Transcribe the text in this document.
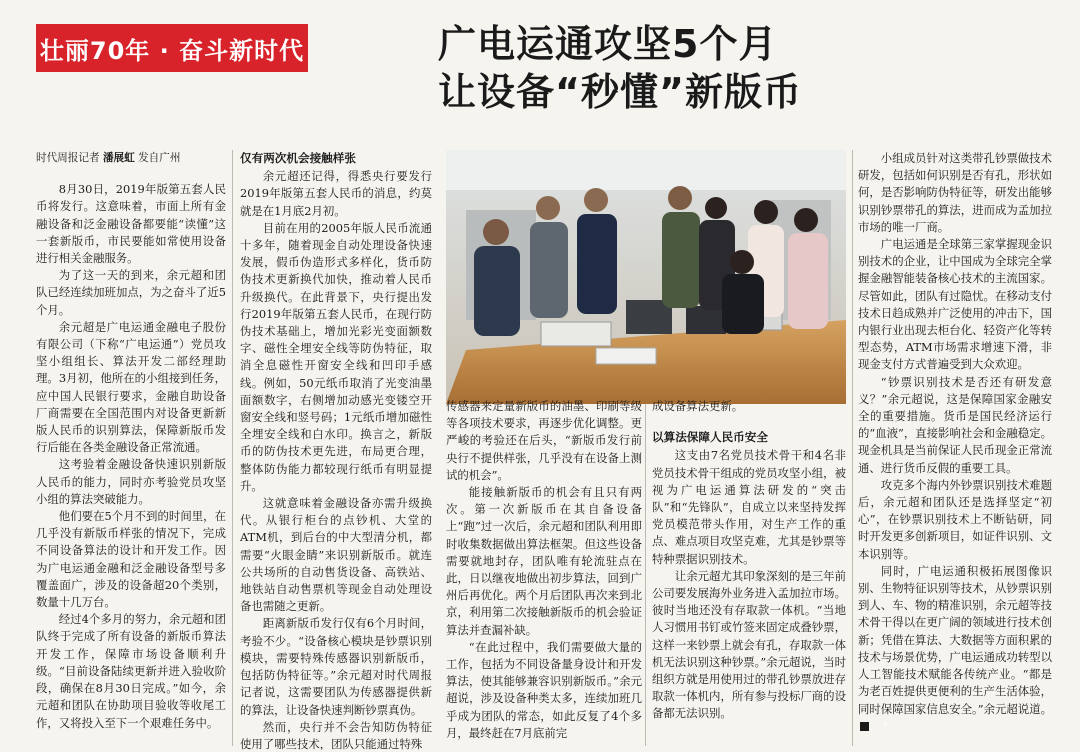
壮丽70年 · 奋斗新时代	广电运通攻坚5个月
让设备“秒懂”新版币
时代周报记者 潘展虹 发自广州

8月30日，2019年版第五套人民币将发行。这意味着，市面上所有金融设备和泛金融设备都要能“读懂”这一套新版币，市民要能如常使用设备进行相关金融服务。

为了这一天的到来，余元超和团队已经连续加班加点，为之奋斗了近5个月。

余元超是广电运通金融电子股份有限公司（下称“广电运通”）党员攻坚小组组长、算法开发二部经理助理。3月初，他所在的小组接到任务，应中国人民银行要求，金融自助设备厂商需要在全国范围内对设备更新新版人民币的识别算法，保障新版币发行后能在各类金融设备正常流通。

这考验着金融设备快速识别新版人民币的能力，同时亦考验党员攻坚小组的算法突破能力。

他们要在5个月不到的时间里，在几乎没有新版币样张的情况下，完成不同设备算法的设计和开发工作。因为广电运通金融和泛金融设备型号多覆盖面广，涉及的设备超20个类别，数量十几万台。

经过4个多月的努力，余元超和团队终于完成了所有设备的新版币算法开发工作，保障市场设备顺利升级。“目前设备陆续更新并进入验收阶段，确保在8月30日完成。”如今，余元超和团队在协助项目验收等收尾工作，又将投入至下一个艰难任务中。

仅有两次机会接触样张

余元超还记得，得悉央行要发行2019年版第五套人民币的消息，约莫就是在1月底2月初。

目前在用的2005年版人民币流通十多年，随着现金自动处理设备快速发展，假币伪造形式多样化，货币防伪技术更新换代加快，推动着人民币升级换代。在此背景下，央行提出发行2019年版第五套人民币，在现行防伪技术基础上，增加光彩光变面额数字、磁性全埋安全线等防伪特征，取消全息磁性开窗安全线和凹印手感线。例如，50元纸币取消了光变油墨面额数字，右侧增加动感光变镂空开窗安全线和竖号码；1元纸币增加磁性全埋安全线和白水印。换言之，新版币的防伪技术更先进，布局更合理，整体防伪能力都较现行纸币有明显提升。

这就意味着金融设备亦需升级换代。从银行柜台的点钞机、大堂的ATM机，到后台的中大型清分机，都需要“火眼金睛”来识别新版币。就连公共场所的自动售货设备、高铁站、地铁站自动售票机等现金自动处理设备也需随之更新。

距离新版币发行仅有6个月时间，考验不少。“设备核心模块是钞票识别模块，需要特殊传感器识别新版币，包括防伪特征等。”余元超对时代周报记者说，这需要团队为传感器提供新的算法，让设备快速判断钞票真伪。

然而，央行并不会告知防伪特征使用了哪些技术，团队只能通过特殊

传感器来定量新版币的油墨、印刷等级等各项技术要求，再逐步优化调整。更严峻的考验还在后头，“新版币发行前央行不提供样张，几乎没有在设备上测试的机会”。

能接触新版币的机会有且只有两次。第一次新版币在其自备设备上“跑”过一次后，余元超和团队利用即时收集数据做出算法框架。但这些设备需要就地封存，团队唯有轮流驻点在此，日以继夜地做出初步算法，回到广州后再优化。两个月后团队再次来到北京，利用第二次接触新版币的机会验证算法并查漏补缺。

“在此过程中，我们需要做大量的工作，包括为不同设备量身设计和开发算法，使其能够兼容识别新版币。”余元超说，涉及设备种类太多，连续加班几乎成为团队的常态，如此反复了4个多月，最终赶在7月底前完

成设备算法更新。

以算法保障人民币安全

这支由7名党员技术骨干和4名非党员技术骨干组成的党员攻坚小组，被视为广电运通算法研发的“突击队”和“先锋队”，自成立以来坚持发挥党员模范带头作用，对生产工作的重点、难点项目攻坚克难，尤其是钞票等特种票据识别技术。

让余元超尤其印象深刻的是三年前公司要发展海外业务进入孟加拉市场。彼时当地还没有存取款一体机。“当地人习惯用书钉或竹签来固定成叠钞票，这样一来钞票上就会有孔，存取款一体机无法识别这种钞票。”余元超说，当时组织方就是用使用过的带孔钞票放进存取款一体机内，所有参与投标厂商的设备都无法识别。

小组成员针对这类带孔钞票做技术研发，包括如何识别是否有孔，形状如何，是否影响防伪特征等，研发出能够识别钞票带孔的算法，进而成为孟加拉市场的唯一厂商。

广电运通是全球第三家掌握现金识别技术的企业，让中国成为全球完全掌握金融智能装备核心技术的主流国家。尽管如此，团队有过隐忧。在移动支付技术日趋成熟并广泛使用的冲击下，国内银行业出现去柜台化、轻资产化等转型态势，ATM市场需求增速下滑，非现金支付方式普遍受到大众欢迎。

“钞票识别技术是否还有研发意义？”余元超说，这是保障国家金融安全的重要措施。货币是国民经济运行的“血液”，直接影响社会和金融稳定。现金机具是当前保证人民币现金正常流通、进行货币反假的重要工具。

攻克多个海内外钞票识别技术难题后，余元超和团队还是选择坚定“初心”，在钞票识别技术上不断钻研，同时开发更多创新项目，如证件识别、文本识别等。

同时，广电运通积极拓展图像识别、生物特征识别等技术，从钞票识别到人、车、物的精准识别，余元超等技术骨干得以在更广阔的领域进行技术创新；凭借在算法、大数据等方面积累的技术与场景优势，广电运通成功转型以人工智能技术赋能各传统产业。“都是为老百姓提供更便利的生产生活体验，同时保障国家信息安全。”余元超说道。T
